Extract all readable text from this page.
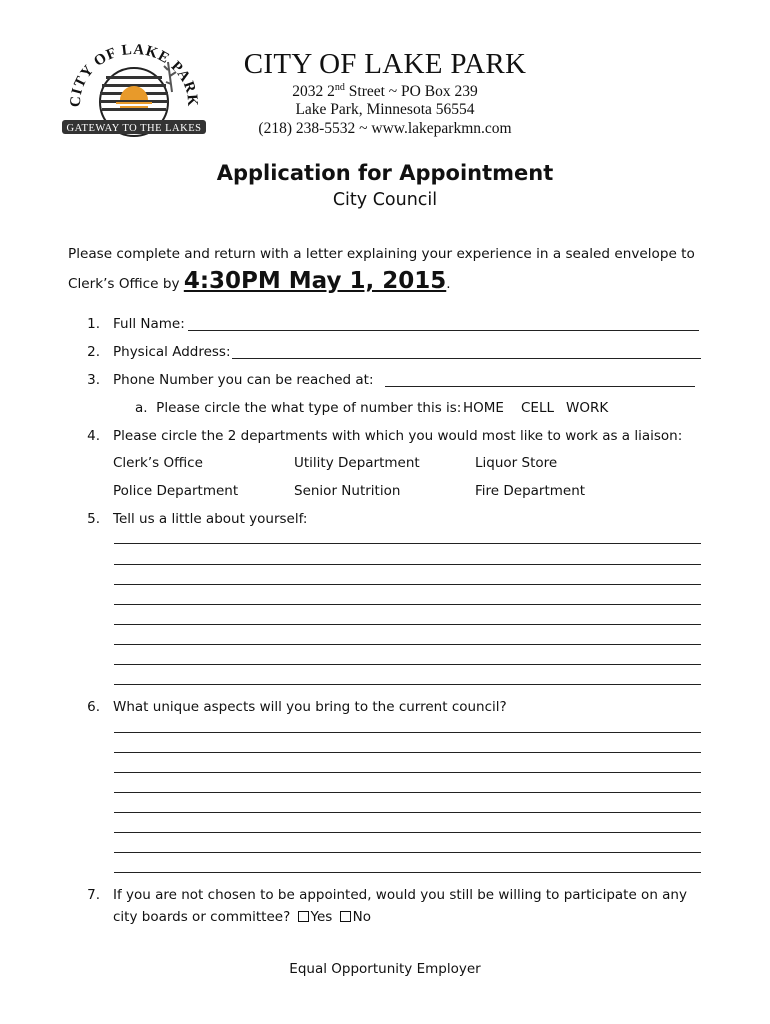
CITY OF LAKE PARK
GATEWAY TO THE LAKES
CITY OF LAKE PARK
2032 2nd Street ~ PO Box 239
Lake Park, Minnesota 56554
(218) 238-5532 ~ www.lakeparkmn.com
Application for Appointment
City Council
Please complete and return with a letter explaining your experience in a sealed envelope to
Clerk’s Office by 4:30PM May 1, 2015.
1. Full Name:
2. Physical Address:
3. Phone Number you can be reached at:
a. Please circle the what type of number this is: HOME CELL WORK
4. Please circle the 2 departments with which you would most like to work as a liaison:
Clerk’s Office	Utility Department	Liquor Store
Police Department	Senior Nutrition	Fire Department
5. Tell us a little about yourself:
6. What unique aspects will you bring to the current council?
7. If you are not chosen to be appointed, would you still be willing to participate on any
city boards or committee? Yes No
Equal Opportunity Employer
